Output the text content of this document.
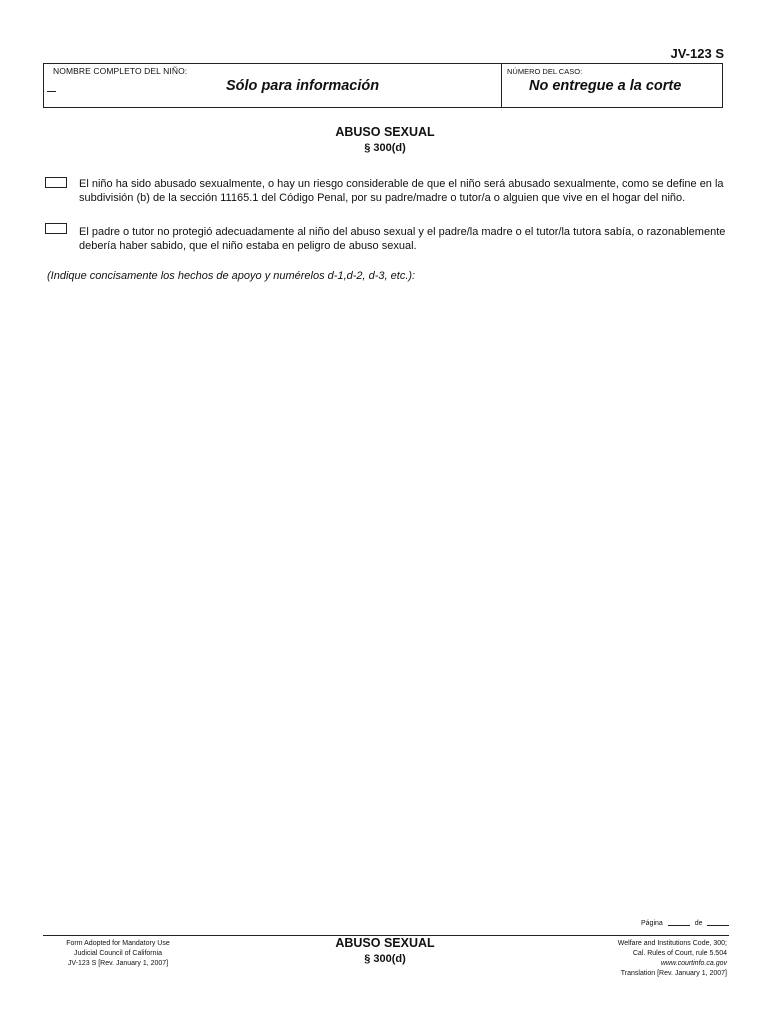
JV-123 S
NOMBRE COMPLETO DEL NIÑO:
Sólo para información
NÚMERO DEL CASO:
No entregue a la corte
ABUSO SEXUAL
§ 300(d)
El niño ha sido abusado sexualmente, o hay un riesgo considerable de que el niño será abusado sexualmente, como se define en la subdivisión (b) de la sección 11165.1 del Código Penal, por su padre/madre o tutor/a o alguien que vive en el hogar del niño.
El padre o tutor no protegió adecuadamente al niño del abuso sexual y el padre/la madre o el tutor/la tutora sabía, o razonablemente debería haber sabido, que el niño estaba en peligro de abuso sexual.
(Indique concisamente los hechos de apoyo y numérelos d-1,d-2, d-3, etc.):
Página	de
Form Adopted for Mandatory Use
Judicial Council of California
JV-123 S [Rev. January 1, 2007]
ABUSO SEXUAL
§ 300(d)
Welfare and Institutions Code, 300;
Cal. Rules of Court, rule 5.504
www.courtinfo.ca.gov
Translation [Rev. January 1, 2007]
